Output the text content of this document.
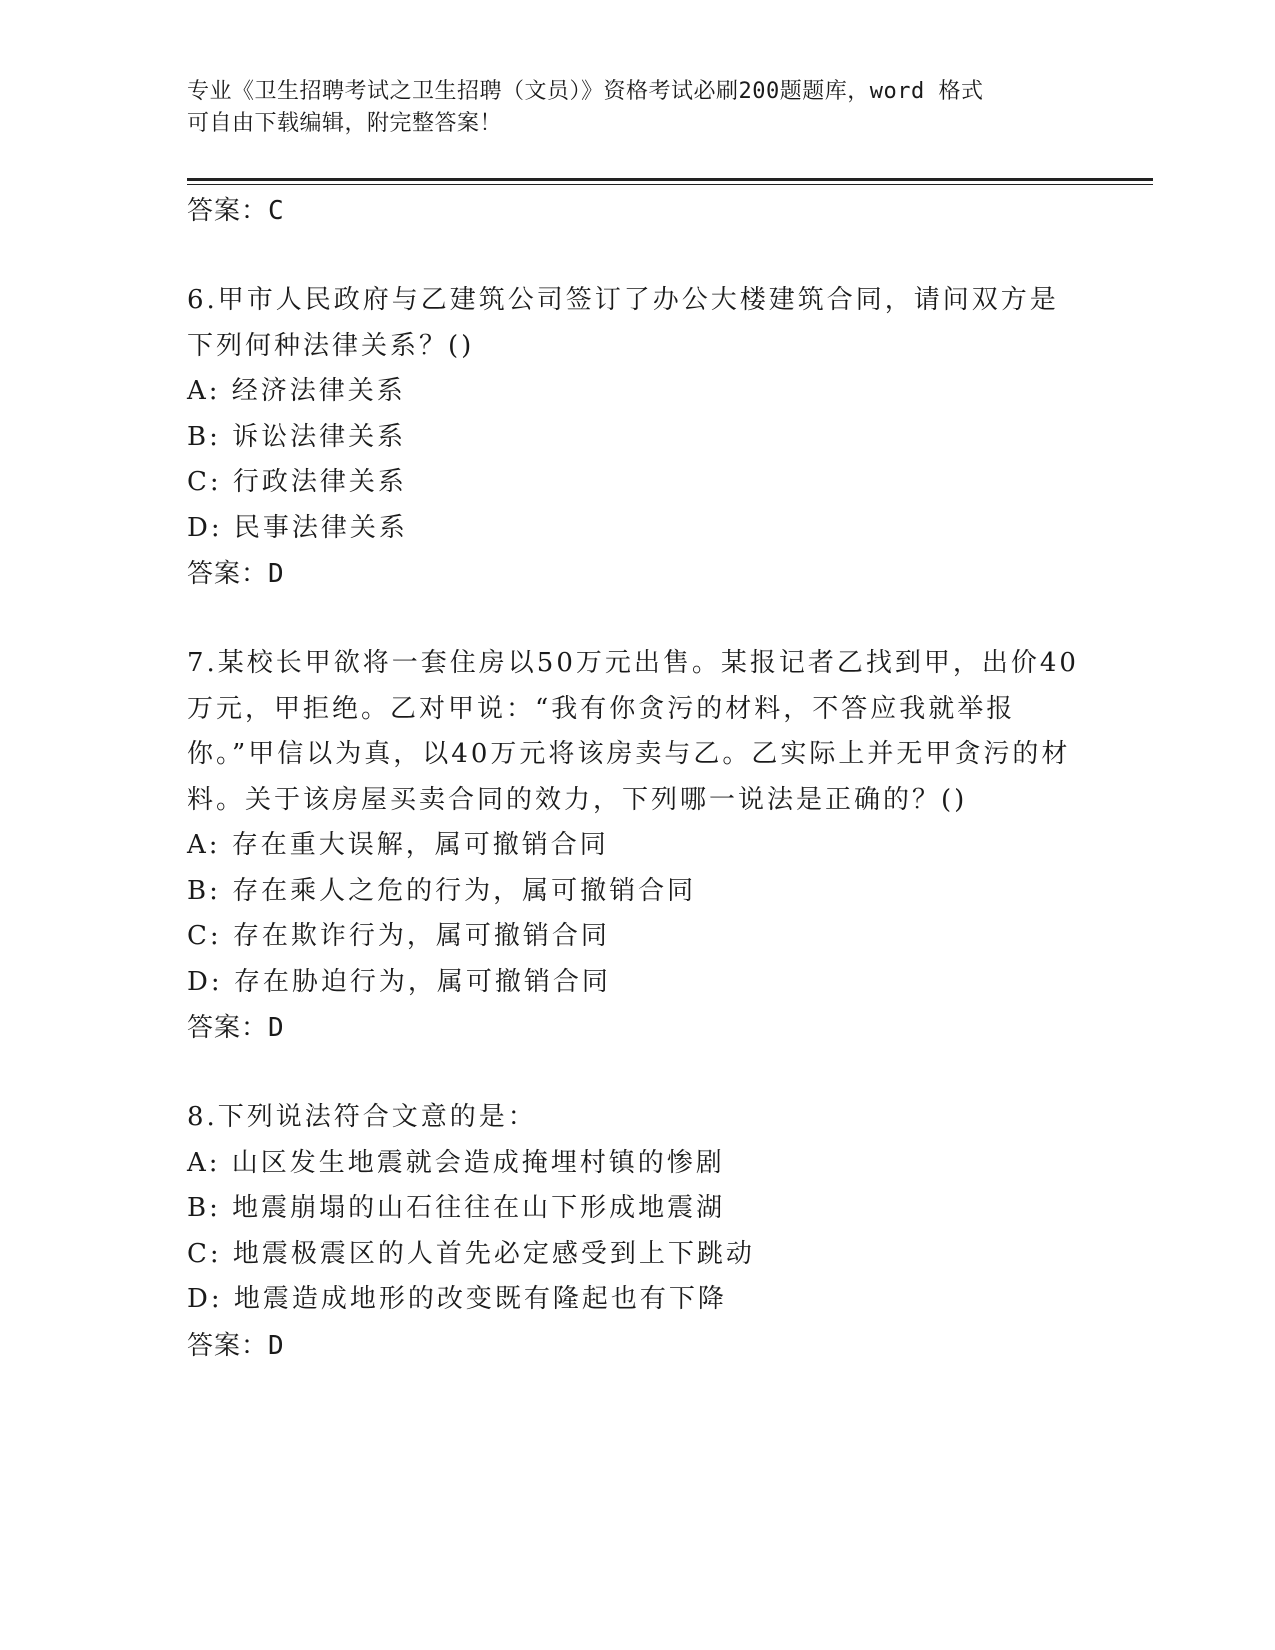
专业《卫生招聘考试之卫生招聘（文员）》资格考试必刷200题题库，word 格式
可自由下载编辑，附完整答案！
答案：C
6.甲市人民政府与乙建筑公司签订了办公大楼建筑合同，请问双方是下列何种法律关系？()
A: 经济法律关系
B: 诉讼法律关系
C: 行政法律关系
D: 民事法律关系
答案：D
7.某校长甲欲将一套住房以50万元出售。某报记者乙找到甲，出价40万元，甲拒绝。乙对甲说：“我有你贪污的材料，不答应我就举报你。”甲信以为真，以40万元将该房卖与乙。乙实际上并无甲贪污的材料。关于该房屋买卖合同的效力，下列哪一说法是正确的？()
A: 存在重大误解，属可撤销合同
B: 存在乘人之危的行为，属可撤销合同
C: 存在欺诈行为，属可撤销合同
D: 存在胁迫行为，属可撤销合同
答案：D
8.下列说法符合文意的是：
A: 山区发生地震就会造成掩埋村镇的惨剧
B: 地震崩塌的山石往往在山下形成地震湖
C: 地震极震区的人首先必定感受到上下跳动
D: 地震造成地形的改变既有隆起也有下降
答案：D
